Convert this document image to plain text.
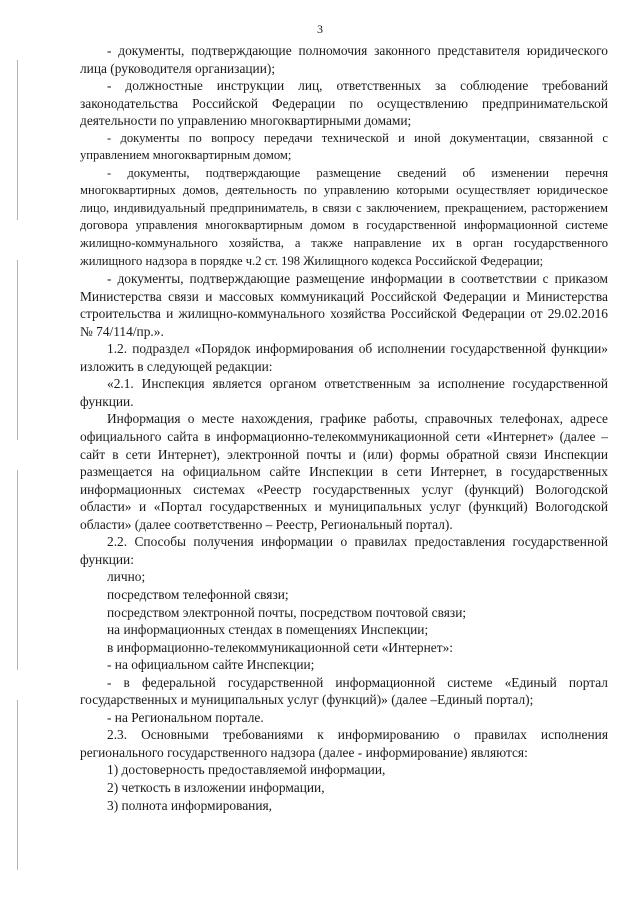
3

- документы, подтверждающие полномочия законного представителя юридического лица (руководителя организации);

- должностные инструкции лиц, ответственных за соблюдение требований законодательства Российской Федерации по осуществлению предпринимательской деятельности по управлению многоквартирными домами;

- документы по вопросу передачи технической и иной документации, связанной с управлением многоквартирным домом;

- документы, подтверждающие размещение сведений об изменении перечня многоквартирных домов, деятельность по управлению которыми осуществляет юридическое лицо, индивидуальный предприниматель, в связи с заключением, прекращением, расторжением договора управления многоквартирным домом в государственной информационной системе жилищно-коммунального хозяйства, а также направление их в орган государственного жилищного надзора в порядке ч.2 ст. 198 Жилищного кодекса Российской Федерации;

- документы, подтверждающие размещение информации в соответствии с приказом Министерства связи и массовых коммуникаций Российской Федерации и Министерства строительства и жилищно-коммунального хозяйства Российской Федерации от 29.02.2016 № 74/114/пр.».

1.2. подраздел «Порядок информирования об исполнении государственной функции» изложить в следующей редакции:

«2.1. Инспекция является органом ответственным за исполнение государственной функции.

Информация о месте нахождения, графике работы, справочных телефонах, адресе официального сайта в информационно-телекоммуникационной сети «Интернет» (далее – сайт в сети Интернет), электронной почты и (или) формы обратной связи Инспекции размещается на официальном сайте Инспекции в сети Интернет, в государственных информационных системах «Реестр государственных услуг (функций) Вологодской области» и «Портал государственных и муниципальных услуг (функций) Вологодской области» (далее соответственно – Реестр, Региональный портал).

2.2. Способы получения информации о правилах предоставления государственной функции:

лично;

посредством телефонной связи;

посредством электронной почты, посредством почтовой связи;

на информационных стендах в помещениях Инспекции;

в информационно-телекоммуникационной сети «Интернет»:

- на официальном сайте Инспекции;

- в федеральной государственной информационной системе «Единый портал государственных и муниципальных услуг (функций)» (далее –Единый портал);

- на Региональном портале.

2.3. Основными требованиями к информированию о правилах исполнения регионального государственного надзора (далее - информирование) являются:

1) достоверность предоставляемой информации,

2) четкость в изложении информации,

3) полнота информирования,
